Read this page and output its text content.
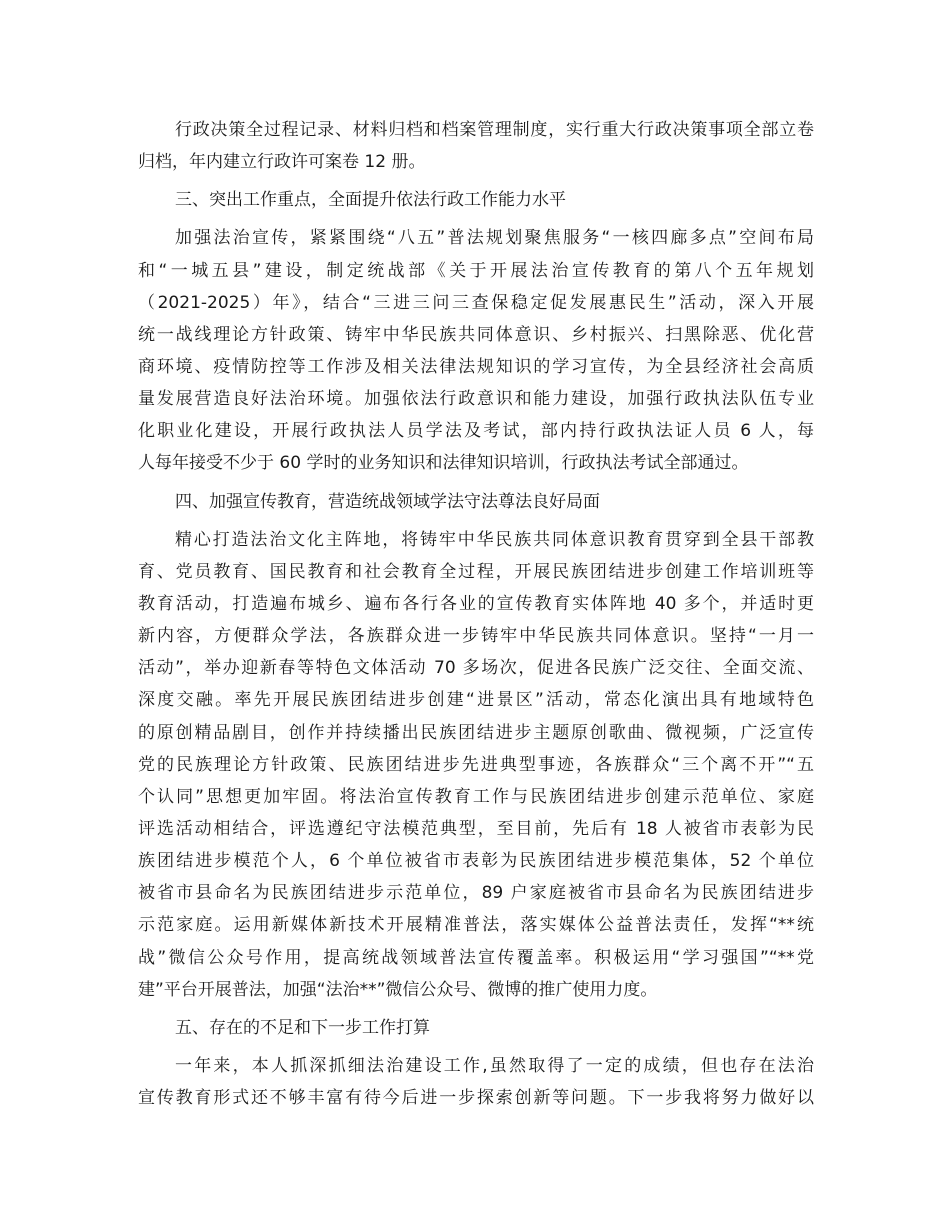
行政决策全过程记录、材料归档和档案管理制度，实行重大行政决策事项全部立卷
归档，年内建立行政许可案卷 12 册。
三、突出工作重点，全面提升依法行政工作能力水平
加强法治宣传，紧紧围绕“八五”普法规划聚焦服务“一核四廊多点”空间布局
和“一城五县”建设，制定统战部《关于开展法治宣传教育的第八个五年规划
（2021-2025）年》，结合“三进三问三查保稳定促发展惠民生”活动，深入开展
统一战线理论方针政策、铸牢中华民族共同体意识、乡村振兴、扫黑除恶、优化营
商环境、疫情防控等工作涉及相关法律法规知识的学习宣传，为全县经济社会高质
量发展营造良好法治环境。加强依法行政意识和能力建设，加强行政执法队伍专业
化职业化建设，开展行政执法人员学法及考试，部内持行政执法证人员 6 人，每
人每年接受不少于 60 学时的业务知识和法律知识培训，行政执法考试全部通过。
四、加强宣传教育，营造统战领域学法守法尊法良好局面
精心打造法治文化主阵地，将铸牢中华民族共同体意识教育贯穿到全县干部教
育、党员教育、国民教育和社会教育全过程，开展民族团结进步创建工作培训班等
教育活动，打造遍布城乡、遍布各行各业的宣传教育实体阵地 40 多个，并适时更
新内容，方便群众学法，各族群众进一步铸牢中华民族共同体意识。坚持“一月一
活动”，举办迎新春等特色文体活动 70 多场次，促进各民族广泛交往、全面交流、
深度交融。率先开展民族团结进步创建“进景区”活动，常态化演出具有地域特色
的原创精品剧目，创作并持续播出民族团结进步主题原创歌曲、微视频，广泛宣传
党的民族理论方针政策、民族团结进步先进典型事迹，各族群众“三个离不开”“五
个认同”思想更加牢固。将法治宣传教育工作与民族团结进步创建示范单位、家庭
评选活动相结合，评选遵纪守法模范典型，至目前，先后有 18 人被省市表彰为民
族团结进步模范个人，6 个单位被省市表彰为民族团结进步模范集体，52 个单位
被省市县命名为民族团结进步示范单位，89 户家庭被省市县命名为民族团结进步
示范家庭。运用新媒体新技术开展精准普法，落实媒体公益普法责任，发挥“**统
战”微信公众号作用，提高统战领域普法宣传覆盖率。积极运用“学习强国”“**党
建”平台开展普法，加强“法治**”微信公众号、微博的推广使用力度。
五、存在的不足和下一步工作打算
一年来，本人抓深抓细法治建设工作,虽然取得了一定的成绩，但也存在法治
宣传教育形式还不够丰富有待今后进一步探索创新等问题。下一步我将努力做好以
